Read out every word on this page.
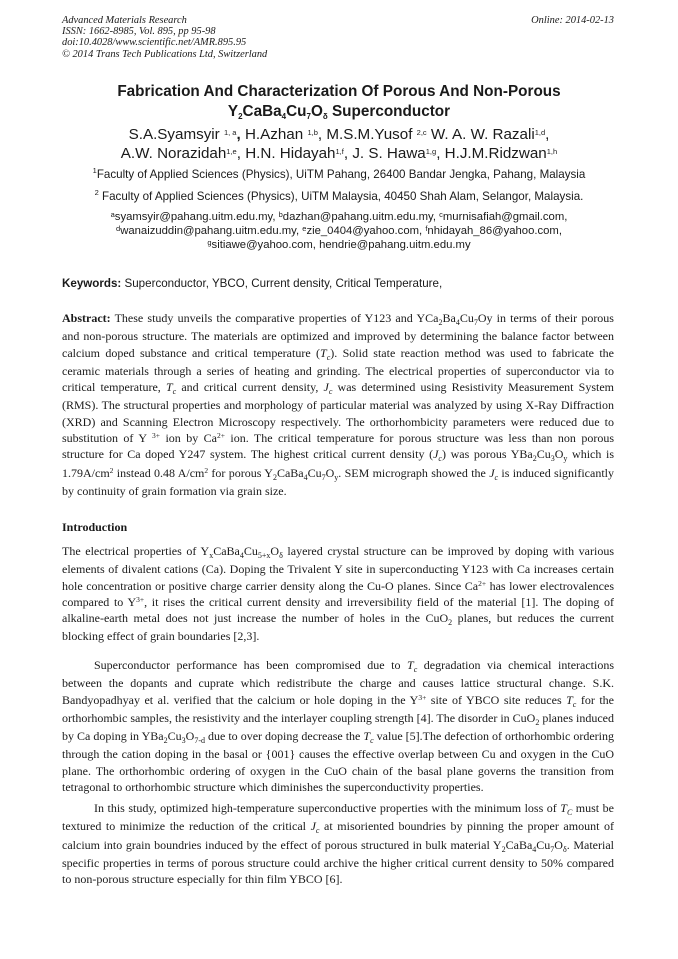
Advanced Materials Research
ISSN: 1662-8985, Vol. 895, pp 95-98
doi:10.4028/www.scientific.net/AMR.895.95
© 2014 Trans Tech Publications Ltd, Switzerland
Online: 2014-02-13
Fabrication And Characterization Of Porous And Non-Porous
$Y_2CaBa_4Cu_7O_\delta$ Superconductor
S.A.Syamsyir $^{1, a}$, H.Azhan $^{1,b}$, M.S.M.Yusof $^{2,c}$ W. A. W. Razali$^{1,d}$,
A.W. Norazidah$^{1,e}$, H.N. Hidayah$^{1,f}$, J. S. Hawa$^{1,g}$, H.J.M.Ridzwan$^{1,h}$
$^1$Faculty of Applied Sciences (Physics), UiTM Pahang, 26400 Bandar Jengka, Pahang, Malaysia
$^2$ Faculty of Applied Sciences (Physics), UiTM Malaysia, 40450 Shah Alam, Selangor, Malaysia.
$^a$syamsyir@pahang.uitm.edu.my, $^b$dazhan@pahang.uitm.edu.my, $^c$murnisafiah@gmail.com,
$^d$wanaizuddin@pahang.uitm.edu.my, $^e$zie_0404@yahoo.com, $^f$nhidayah_86@yahoo.com,
$^g$sitiawe@yahoo.com, hendrie@pahang.uitm.edu.my
Keywords: Superconductor, YBCO, Current density, Critical Temperature,
Abstract: These study unveils the comparative properties of Y123 and $YCa_2Ba_4Cu_7Oy$ in terms of their porous and non-porous structure. The materials are optimized and improved by determining the balance factor between calcium doped substance and critical temperature $(T_c)$. Solid state reaction method was used to fabricate the ceramic materials through a series of heating and grinding. The electrical properties of superconductor via to critical temperature, $T_c$ and critical current density, $J_c$ was determined using Resistivity Measurement System (RMS). The structural properties and morphology of particular material was analyzed by using X-Ray Diffraction (XRD) and Scanning Electron Microscopy respectively. The orthorhombicity parameters were reduced due to substitution of Y $^{3+}$ ion by $Ca^{2+}$ ion. The critical temperature for porous structure was less than non porous structure for Ca doped Y247 system. The highest critical current density $(J_c)$ was porous $YBa_2Cu_3O_y$ which is $1.79A/cm^2$ instead 0.48 $A/cm^2$ for porous $Y_2CaBa_4Cu_7O_y$. SEM micrograph showed the $J_c$ is induced significantly by continuity of grain formation via grain size.
Introduction
The electrical properties of $Y_xCaBa_4Cu_{5+x}O_\delta$ layered crystal structure can be improved by doping with various elements of divalent cations (Ca). Doping the Trivalent Y site in superconducting Y123 with Ca increases certain hole concentration or positive charge carrier density along the Cu-O planes. Since $Ca^{2+}$ has lower electrovalences compared to $Y^{3+}$, it rises the critical current density and irreversibility field of the material [1]. The doping of alkaline-earth metal does not just increase the number of holes in the CuO$_2$ planes, but reduces the current blocking effect of grain boundaries [2,3].
Superconductor performance has been compromised due to $T_c$ degradation via chemical interactions between the dopants and cuprate which redistribute the charge and causes lattice structural change. S.K. Bandyopadhyay et al. verified that the calcium or hole doping in the $Y^{3+}$ site of YBCO site reduces $T_c$ for the orthorhombic samples, the resistivity and the interlayer coupling strength [4]. The disorder in CuO$_2$ planes induced by Ca doping in $YBa_2Cu_3O_{7-d}$ due to over doping decrease the $T_c$ value [5].The defection of orthorhombic ordering through the cation doping in the basal or {001} causes the effective overlap between Cu and oxygen in the CuO plane. The orthorhombic ordering of oxygen in the CuO chain of the basal plane governs the transition from tetragonal to orthorhombic structure which diminishes the superconductivity properties.
In this study, optimized high-temperature superconductive properties with the minimum loss of $T_C$ must be textured to minimize the reduction of the critical $J_c$ at misoriented boundries by pinning the proper amount of calcium into grain boundries induced by the effect of porous structured in bulk material $Y_2CaBa_4Cu_7O_\delta$. Material specific properties in terms of porous structure could archive the higher critical current density to 50% compared to non-porous structure especially for thin film YBCO [6].
